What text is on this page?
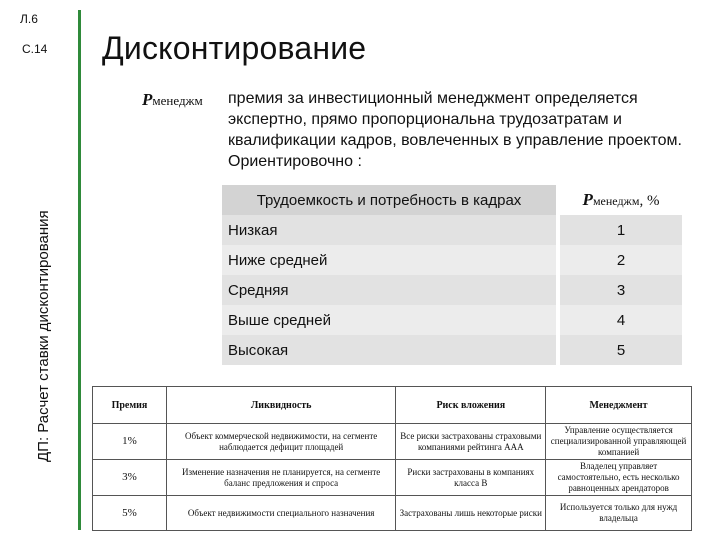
Л.6
С.14
ДП: Расчет ставки дисконтирования
Дисконтирование
Pменеджм премия за инвестиционный менеджмент определяется экспертно, прямо пропорциональна трудозатратам и квалификации кадров, вовлеченных в управление проектом. Ориентировочно :
Трудоемкость и потребность в кадрах	Pменеджм, %
Низкая	1
Ниже средней	2
Средняя	3
Выше средней	4
Высокая	5
Премия	Ликвидность	Риск вложения	Менеджмент
1%	Объект коммерческой недвижимости, на сегменте наблюдается дефицит площадей	Все риски застрахованы страховыми компаниями рейтинга ААА	Управление осуществляется специализированной управляющей компанией
3%	Изменение назначения не планируется, на сегменте баланс предложения и спроса	Риски застрахованы в компаниях класса В	Владелец управляет самостоятельно, есть несколько равноценных арендаторов
5%	Объект недвижимости специального назначения	Застрахованы лишь некоторые риски	Используется только для нужд владельца
